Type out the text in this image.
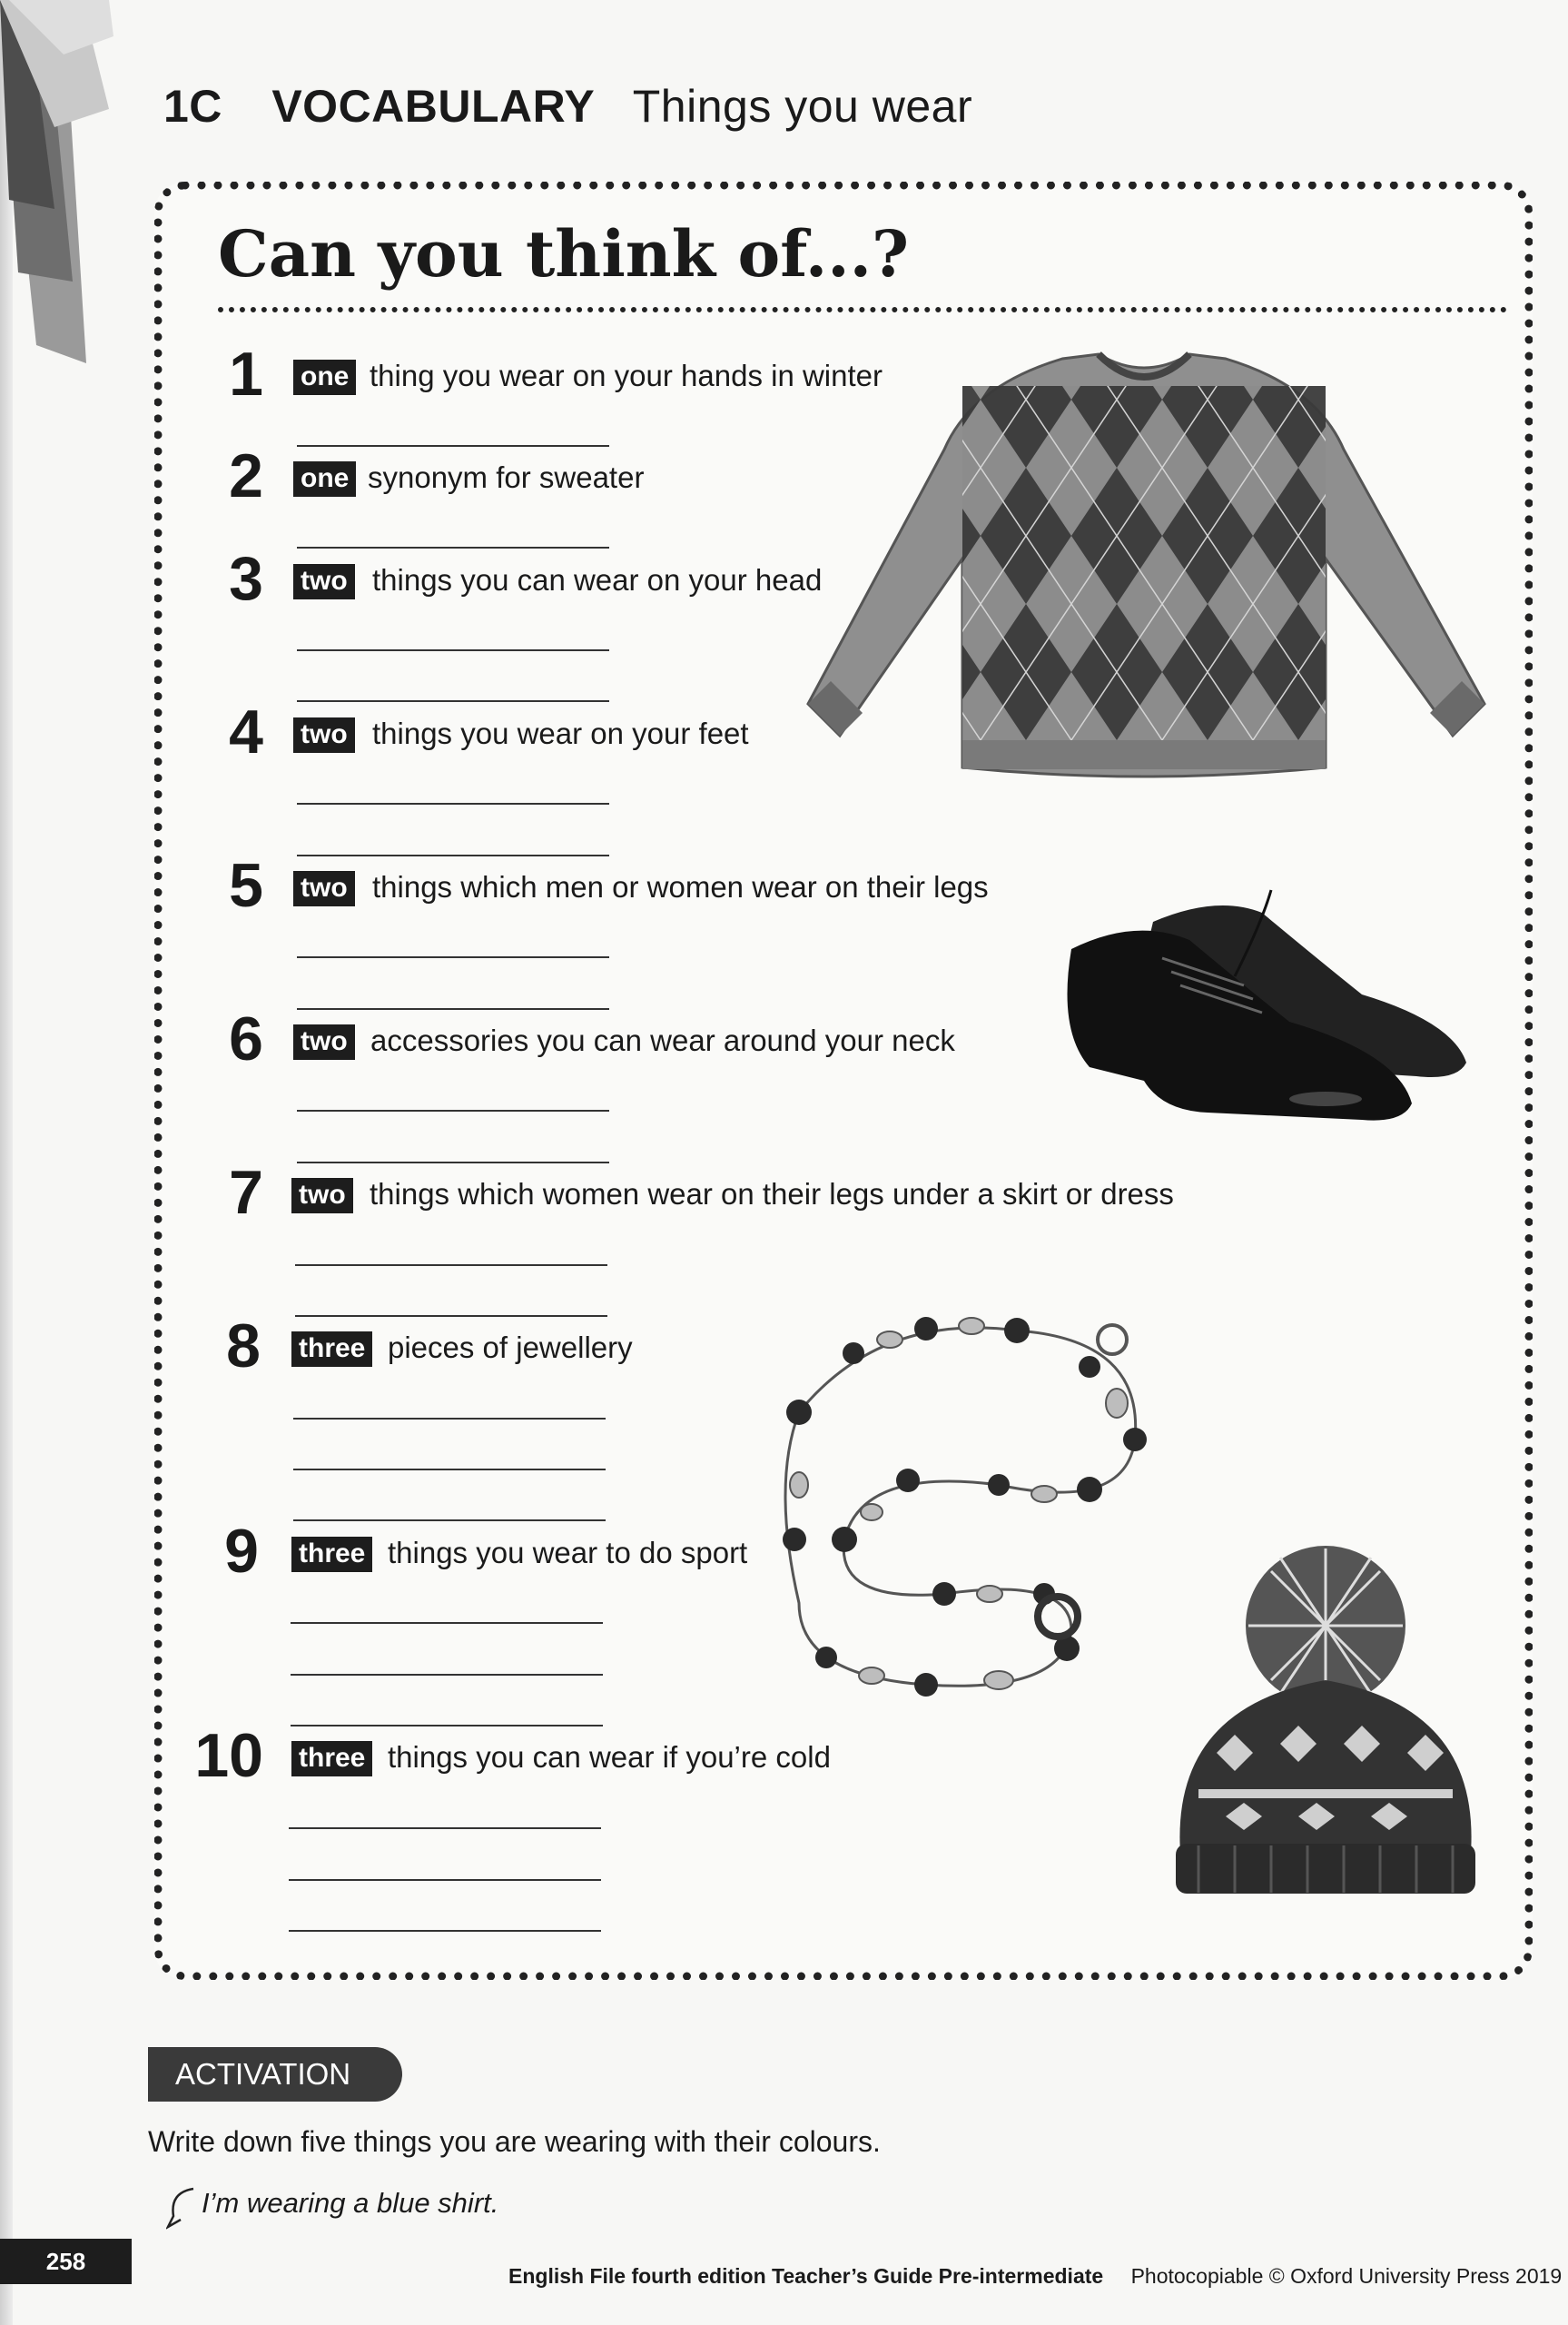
1C VOCABULARY Things you wear
Can you think of...?
1 one thing you wear on your hands in winter
2 one synonym for sweater
3 two things you can wear on your head
4 two things you wear on your feet
5 two things which men or women wear on their legs
6 two accessories you can wear around your neck
7 two things which women wear on their legs under a skirt or dress
8 three pieces of jewellery
9 three things you wear to do sport
10 three things you can wear if you’re cold
ACTIVATION
Write down five things you are wearing with their colours.
I’m wearing a blue shirt.
258
English File fourth edition Teacher’s Guide Pre-intermediate Photocopiable © Oxford University Press 2019
